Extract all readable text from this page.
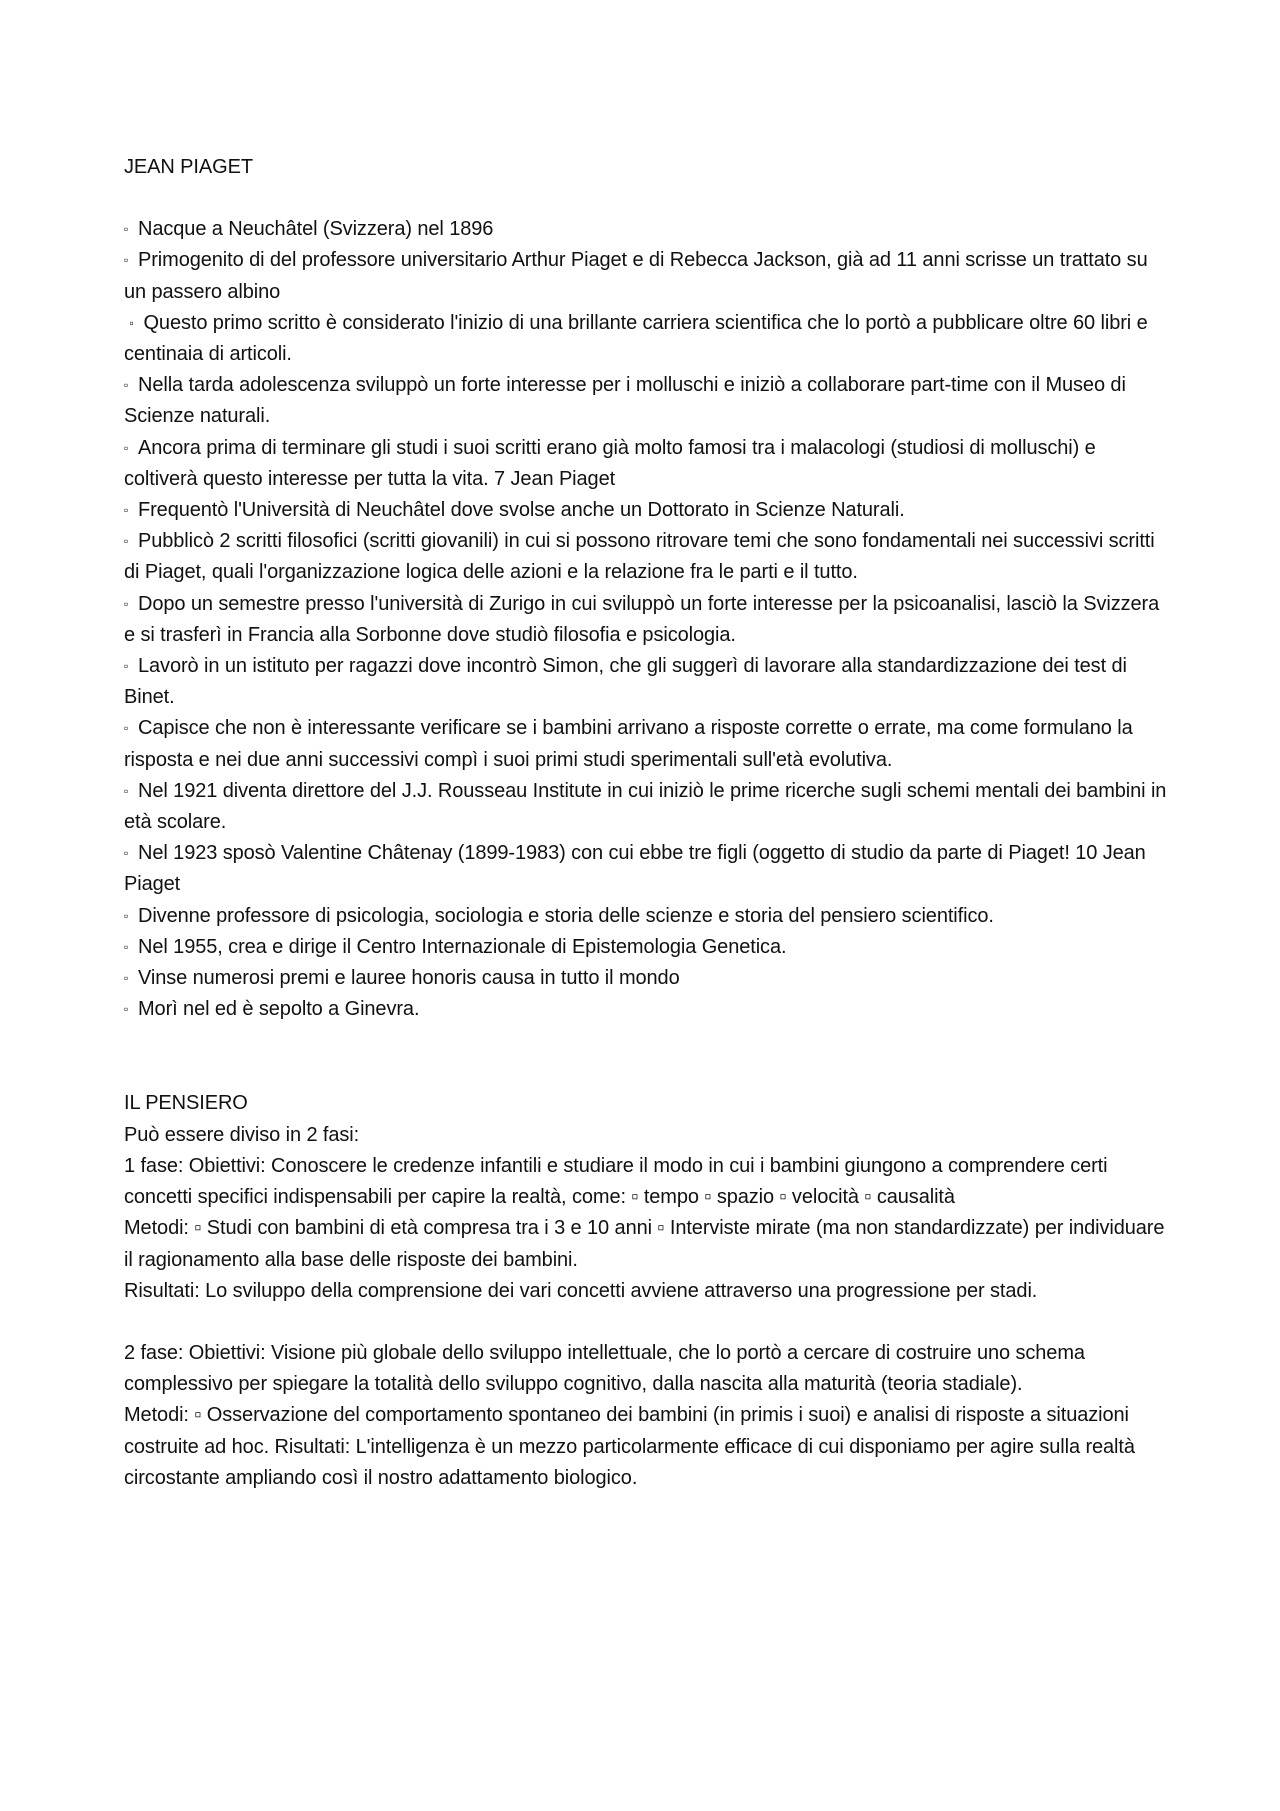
JEAN PIAGET

▫ Nacque a Neuchâtel (Svizzera) nel 1896
▫ Primogenito di del professore universitario Arthur Piaget e di Rebecca Jackson, già ad 11 anni scrisse un trattato su un passero albino
▫ Questo primo scritto è considerato l'inizio di una brillante carriera scientifica che lo portò a pubblicare oltre 60 libri e centinaia di articoli.
▫ Nella tarda adolescenza sviluppò un forte interesse per i molluschi e iniziò a collaborare part-time con il Museo di Scienze naturali.
▫ Ancora prima di terminare gli studi i suoi scritti erano già molto famosi tra i malacologi (studiosi di molluschi) e coltiverà questo interesse per tutta la vita. 7 Jean Piaget
▫ Frequentò l'Università di Neuchâtel dove svolse anche un Dottorato in Scienze Naturali.
▫ Pubblicò 2 scritti filosofici (scritti giovanili) in cui si possono ritrovare temi che sono fondamentali nei successivi scritti di Piaget, quali l'organizzazione logica delle azioni e la relazione fra le parti e il tutto.
▫ Dopo un semestre presso l'università di Zurigo in cui sviluppò un forte interesse per la psicoanalisi, lasciò la Svizzera e si trasferì in Francia alla Sorbonne dove studiò filosofia e psicologia.
▫ Lavorò in un istituto per ragazzi dove incontrò Simon, che gli suggerì di lavorare alla standardizzazione dei test di Binet.
▫ Capisce che non è interessante verificare se i bambini arrivano a risposte corrette o errate, ma come formulano la risposta e nei due anni successivi compì i suoi primi studi sperimentali sull'età evolutiva.
▫ Nel 1921 diventa direttore del J.J. Rousseau Institute in cui iniziò le prime ricerche sugli schemi mentali dei bambini in età scolare.
▫ Nel 1923 sposò Valentine Châtenay (1899-1983) con cui ebbe tre figli (oggetto di studio da parte di Piaget! 10 Jean Piaget
▫ Divenne professore di psicologia, sociologia e storia delle scienze e storia del pensiero scientifico.
▫ Nel 1955, crea e dirige il Centro Internazionale di Epistemologia Genetica.
▫ Vinse numerosi premi e lauree honoris causa in tutto il mondo
▫ Morì nel ed è sepolto a Ginevra.

IL PENSIERO

Può essere diviso in 2 fasi:

1 fase: Obiettivi: Conoscere le credenze infantili e studiare il modo in cui i bambini giungono a comprendere certi concetti specifici indispensabili per capire la realtà, come: ▫ tempo ▫ spazio ▫ velocità ▫ causalità

Metodi: ▫ Studi con bambini di età compresa tra i 3 e 10 anni ▫ Interviste mirate (ma non standardizzate) per individuare il ragionamento alla base delle risposte dei bambini.

Risultati: Lo sviluppo della comprensione dei vari concetti avviene attraverso una progressione per stadi.

2 fase: Obiettivi: Visione più globale dello sviluppo intellettuale, che lo portò a cercare di costruire uno schema complessivo per spiegare la totalità dello sviluppo cognitivo, dalla nascita alla maturità (teoria stadiale).

Metodi: ▫ Osservazione del comportamento spontaneo dei bambini (in primis i suoi) e analisi di risposte a situazioni costruite ad hoc. Risultati: L'intelligenza è un mezzo particolarmente efficace di cui disponiamo per agire sulla realtà circostante ampliando così il nostro adattamento biologico.
